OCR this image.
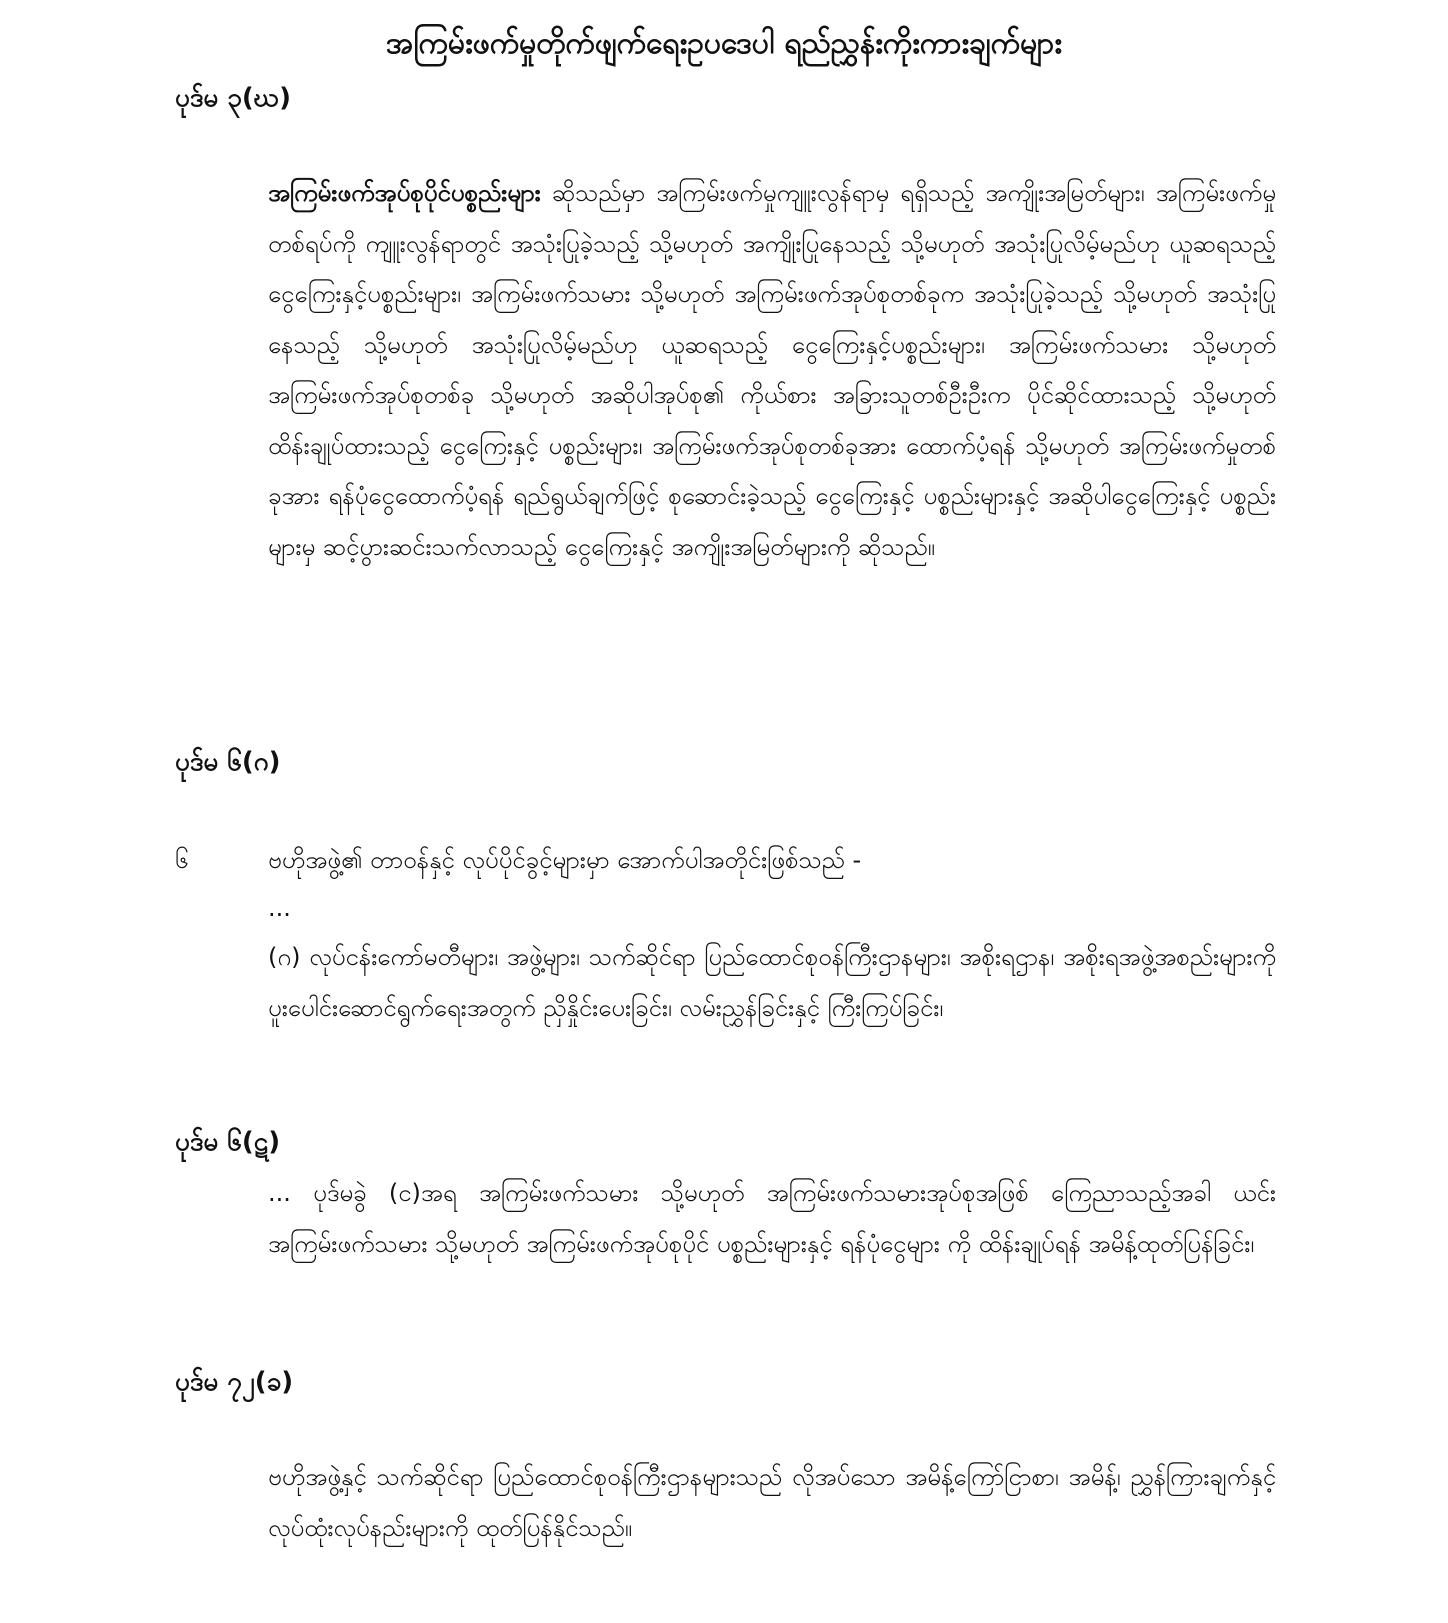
အကြမ်းဖက်မှုတိုက်ဖျက်ရေးဥပဒေပါ ရည်ညွှန်းကိုးကားချက်များ
ပုဒ်မ ၃(ဃ)
အကြမ်းဖက်အုပ်စုပိုင်ပစ္စည်းများ ဆိုသည်မှာ အကြမ်းဖက်မှုကျူးလွန်ရာမှ ရရှိသည့် အကျိုးအမြတ်များ၊ အကြမ်းဖက်မှု တစ်ရပ်ကို ကျူးလွန်ရာတွင် အသုံးပြုခဲ့သည့် သို့မဟုတ် အကျိုးပြုနေသည့် သို့မဟုတ် အသုံးပြုလိမ့်မည်ဟု ယူဆရသည့် ငွေကြေးနှင့်ပစ္စည်းများ၊ အကြမ်းဖက်သမား သို့မဟုတ် အကြမ်းဖက်အုပ်စုတစ်ခုက အသုံးပြုခဲ့သည့် သို့မဟုတ် အသုံးပြုနေသည့် သို့မဟုတ် အသုံးပြုလိမ့်မည်ဟု ယူဆရသည့် ငွေကြေးနှင့်ပစ္စည်းများ၊ အကြမ်းဖက်သမား သို့မဟုတ် အကြမ်းဖက်အုပ်စုတစ်ခု သို့မဟုတ် အဆိုပါအုပ်စု၏ ကိုယ်စား အခြားသူတစ်ဦးဦးက ပိုင်ဆိုင်ထားသည့် သို့မဟုတ် ထိန်းချုပ်ထားသည့် ငွေကြေးနှင့် ပစ္စည်းများ၊ အကြမ်းဖက်အုပ်စုတစ်ခုအား ထောက်ပံ့ရန် သို့မဟုတ် အကြမ်းဖက်မှုတစ်ခုအား ရန်ပုံငွေထောက်ပံ့ရန် ရည်ရွယ်ချက်ဖြင့် စုဆောင်းခဲ့သည့် ငွေကြေးနှင့် ပစ္စည်းများနှင့် အဆိုပါငွေကြေးနှင့် ပစ္စည်းများမှ ဆင့်ပွားဆင်းသက်လာသည့် ငွေကြေးနှင့် အကျိုးအမြတ်များကို ဆိုသည်။
ပုဒ်မ ၆(ဂ)
၆	ဗဟိုအဖွဲ့၏ တာဝန်နှင့် လုပ်ပိုင်ခွင့်များမှာ အောက်ပါအတိုင်းဖြစ်သည် -
...
(ဂ) လုပ်ငန်းကော်မတီများ၊ အဖွဲ့များ၊ သက်ဆိုင်ရာ ပြည်ထောင်စုဝန်ကြီးဌာနများ၊ အစိုးရဌာန၊ အစိုးရအဖွဲ့အစည်းများကို ပူးပေါင်းဆောင်ရွက်ရေးအတွက် ညှိနှိုင်းပေးခြင်း၊ လမ်းညွှန်ခြင်းနှင့် ကြီးကြပ်ခြင်း၊
ပုဒ်မ ၆(ဋ)
... ပုဒ်မခွဲ (င)အရ အကြမ်းဖက်သမား သို့မဟုတ် အကြမ်းဖက်သမားအုပ်စုအဖြစ် ကြေညာသည့်အခါ ယင်းအကြမ်းဖက်သမား သို့မဟုတ် အကြမ်းဖက်အုပ်စုပိုင် ပစ္စည်းများနှင့် ရန်ပုံငွေများ ကို ထိန်းချုပ်ရန် အမိန့်ထုတ်ပြန်ခြင်း၊
ပုဒ်မ ၇၂(ခ)
ဗဟိုအဖွဲ့နှင့် သက်ဆိုင်ရာ ပြည်ထောင်စုဝန်ကြီးဌာနများသည် လိုအပ်သော အမိန့်ကြော်ငြာစာ၊ အမိန့်၊ ညွှန်ကြားချက်နှင့် လုပ်ထုံးလုပ်နည်းများကို ထုတ်ပြန်နိုင်သည်။
